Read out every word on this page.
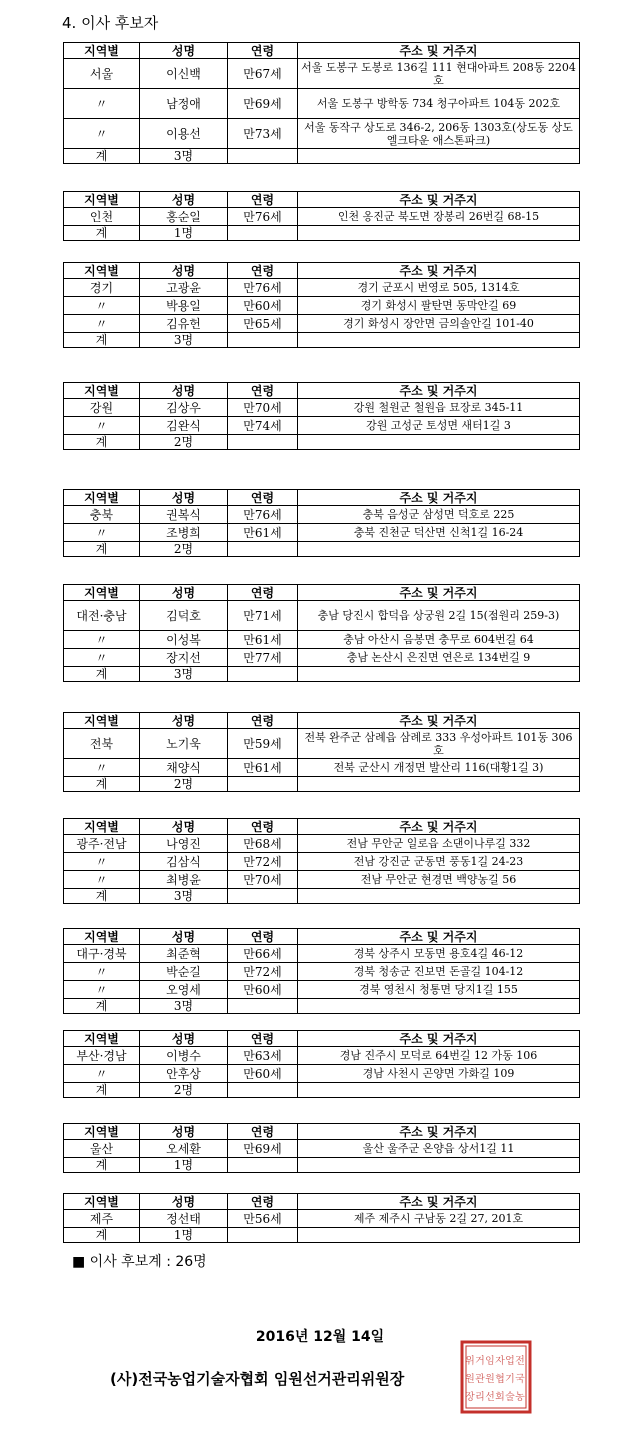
4. 이사 후보자
지역별	성명	연령	주소 및 거주지
서울	이신백	만67세	서울 도봉구 도봉로 136길 111 현대아파트 208동 2204호
〃	남정애	만69세	서울 도봉구 방학동 734 청구아파트 104동 202호
〃	이용선	만73세	서울 동작구 상도로 346-2, 206동 1303호(상도동 상도엘크타운 애스톤파크)
계	3명		
지역별	성명	연령	주소 및 거주지
인천	홍순일	만76세	인천 옹진군 북도면 장봉리 26번길 68-15
계	1명		
지역별	성명	연령	주소 및 거주지
경기	고광윤	만76세	경기 군포시 번영로 505, 1314호
〃	박용일	만60세	경기 화성시 팔탄면 동막안길 69
〃	김유헌	만65세	경기 화성시 장안면 금의솔안길 101-40
계	3명		
지역별	성명	연령	주소 및 거주지
강원	김상우	만70세	강원 철원군 철원읍 묘장로 345-11
〃	김완식	만74세	강원 고성군 토성면 새터1길 3
계	2명		
지역별	성명	연령	주소 및 거주지
충북	권복식	만76세	충북 음성군 삼성면 덕호로 225
〃	조병희	만61세	충북 진천군 덕산면 신척1길 16-24
계	2명		
지역별	성명	연령	주소 및 거주지
대전·충남	김덕호	만71세	충남 당진시 합덕읍 상궁원 2길 15(점원리 259-3)
〃	이성복	만61세	충남 아산시 음봉면 충무로 604번길 64
〃	장지선	만77세	충남 논산시 은진면 연은로 134번길 9
계	3명		
지역별	성명	연령	주소 및 거주지
전북	노기욱	만59세	전북 완주군 삼례읍 삼례로 333 우성아파트 101동 306호
〃	채양식	만61세	전북 군산시 개정면 발산리 116(대황1길 3)
계	2명		
지역별	성명	연령	주소 및 거주지
광주·전남	나영진	만68세	전남 무안군 일로읍 소댄이나루길 332
〃	김삼식	만72세	전남 강진군 군동면 풍동1길 24-23
〃	최병윤	만70세	전남 무안군 현경면 백양농길 56
계	3명		
지역별	성명	연령	주소 및 거주지
대구·경북	최준혁	만66세	경북 상주시 모동면 용호4길 46-12
〃	박순길	만72세	경북 청송군 진보면 돈골길 104-12
〃	오영세	만60세	경북 영천시 청통면 당지1길 155
계	3명		
지역별	성명	연령	주소 및 거주지
부산·경남	이병수	만63세	경남 진주시 모덕로 64번길 12 가동 106
〃	안후상	만60세	경남 사천시 곤양면 가화길 109
계	2명		
지역별	성명	연령	주소 및 거주지
울산	오세환	만69세	울산 울주군 온양읍 상서1길 11
계	1명		
지역별	성명	연령	주소 및 거주지
제주	정선태	만56세	제주 제주시 구남동 2길 27, 201호
계	1명		
■ 이사 후보계 : 26명
2016년 12월 14일
(사)전국농업기술자협회 임원선거관리위원장
전
국
농
업
기
술
자
협
회
임
원
선
거
관
리
위
원
장
